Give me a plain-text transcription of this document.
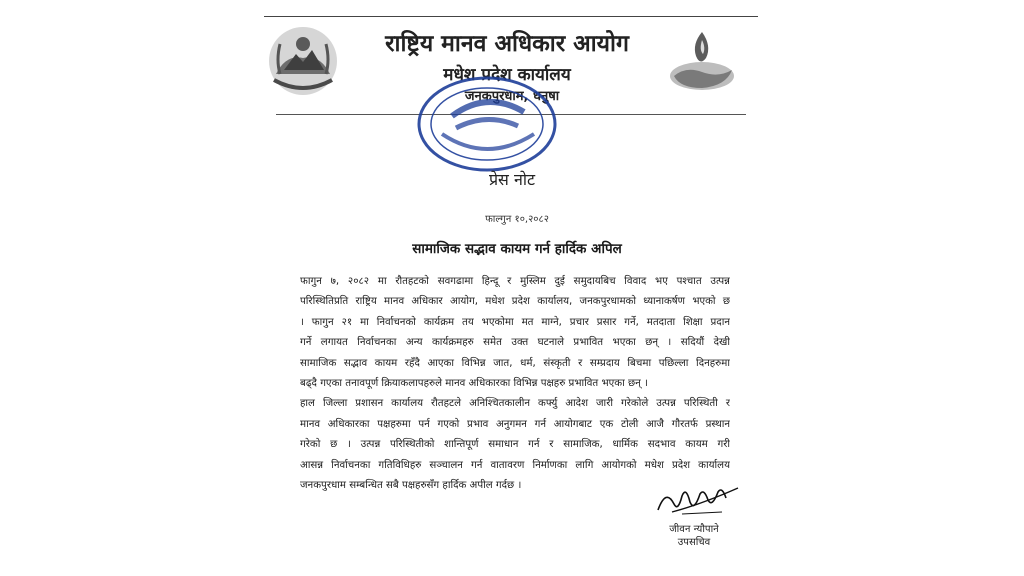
राष्ट्रिय मानव अधिकार आयोग
मधेश प्रदेश कार्यालय
जनकपुरधाम, धनुषा
प्रेस नोट
फाल्गुन १०,२०८२
सामाजिक सद्भाव कायम गर्न हार्दिक अपिल
फागुन ७, २०८२ मा रौतहटको सवगढामा हिन्दू र मुस्लिम दुई समुदायबिच विवाद भए पश्चात उत्पन्न
परिस्थितिप्रति राष्ट्रिय मानव अधिकार आयोग, मधेश प्रदेश कार्यालय, जनकपुरधामको ध्यानाकर्षण भएको छ
। फागुन २१ मा निर्वाचनको कार्यक्रम तय भएकोमा मत माग्ने, प्रचार प्रसार गर्ने, मतदाता शिक्षा प्रदान
गर्ने लगायत निर्वाचनका अन्य कार्यक्रमहरु समेत उक्त घटनाले प्रभावित भएका छन् । सदियौं देखी
सामाजिक सद्भाव कायम रहँदै आएका विभिन्न जात, धर्म, संस्कृती र सम्प्रदाय बिचमा पछिल्ला दिनहरुमा
बढ्दै गएका तनावपूर्ण क्रियाकलापहरुले मानव अधिकारका विभिन्न पक्षहरु प्रभावित भएका छन् ।
हाल जिल्ला प्रशासन कार्यालय रौतहटले अनिश्चितकालीन कर्फ्यु आदेश जारी गरेकोले उत्पन्न परिस्थिती र
मानव अधिकारका पक्षहरुमा पर्न गएको प्रभाव अनुगमन गर्न आयोगबाट एक टोली आजै गौरतर्फ प्रस्थान
गरेको छ । उत्पन्न परिस्थितीको शान्तिपूर्ण समाधान गर्न र सामाजिक, धार्मिक सदभाव कायम गरी
आसन्न निर्वाचनका गतिविधिहरु सञ्चालन गर्न वातावरण निर्माणका लागि आयोगको मधेश प्रदेश कार्यालय
जनकपुरधाम सम्बन्धित सबै पक्षहरुसँग हार्दिक अपील गर्दछ ।
जीवन न्यौपाने
उपसचिव
